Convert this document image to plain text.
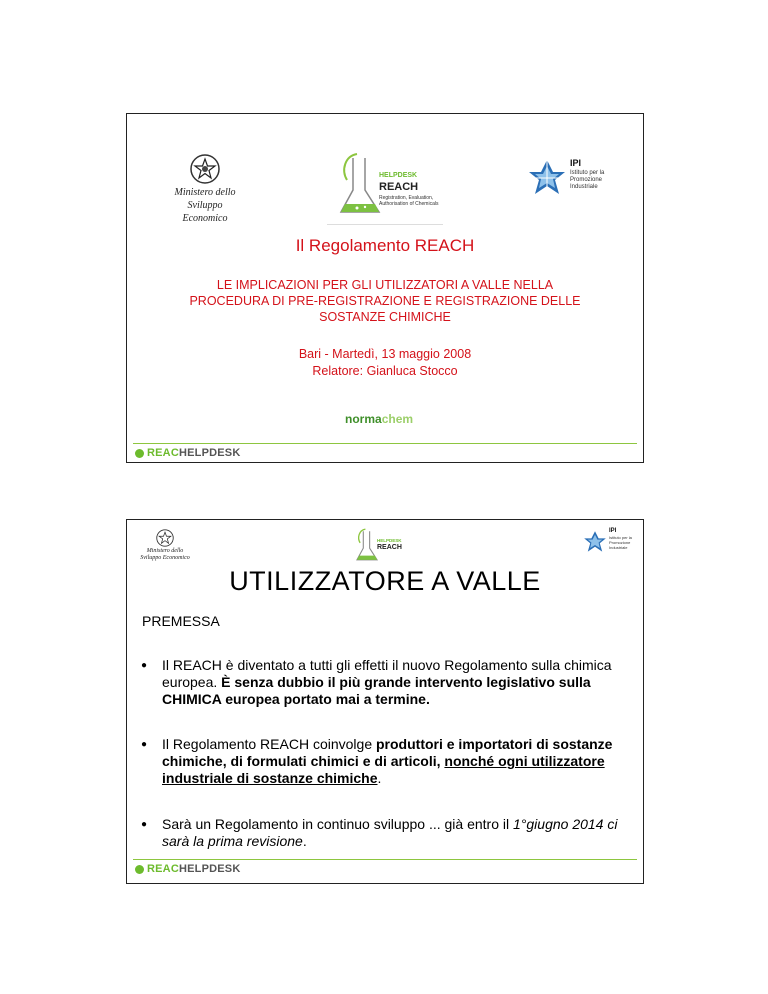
Ministero dello
Sviluppo Economico
HELPDESK
REACH
Registration, Evaluation,
Authorisation of Chemicals
IPI
Istituto per la
Promozione
Industriale
Il Regolamento REACH
LE IMPLICAZIONI PER GLI UTILIZZATORI A VALLE NELLA
PROCEDURA DI PRE-REGISTRAZIONE E REGISTRAZIONE DELLE
SOSTANZE CHIMICHE
Bari - Martedì, 13 maggio 2008
Relatore: Gianluca Stocco
normachem
REAC HELPDESK
Ministero dello
Sviluppo Economico
HELPDESK
REACH
IPI
Istituto per la
Promozione
Industriale
UTILIZZATORE A VALLE
PREMESSA
● Il REACH è diventato a tutti gli effetti il nuovo Regolamento sulla chimica europea. È senza dubbio il più grande intervento legislativo sulla CHIMICA europea portato mai a termine.
● Il Regolamento REACH coinvolge produttori e importatori di sostanze chimiche, di formulati chimici e di articoli, nonché ogni utilizzatore industriale di sostanze chimiche.
● Sarà un Regolamento in continuo sviluppo ... già entro il 1°giugno 2014 ci sarà la prima revisione.
REAC HELPDESK
